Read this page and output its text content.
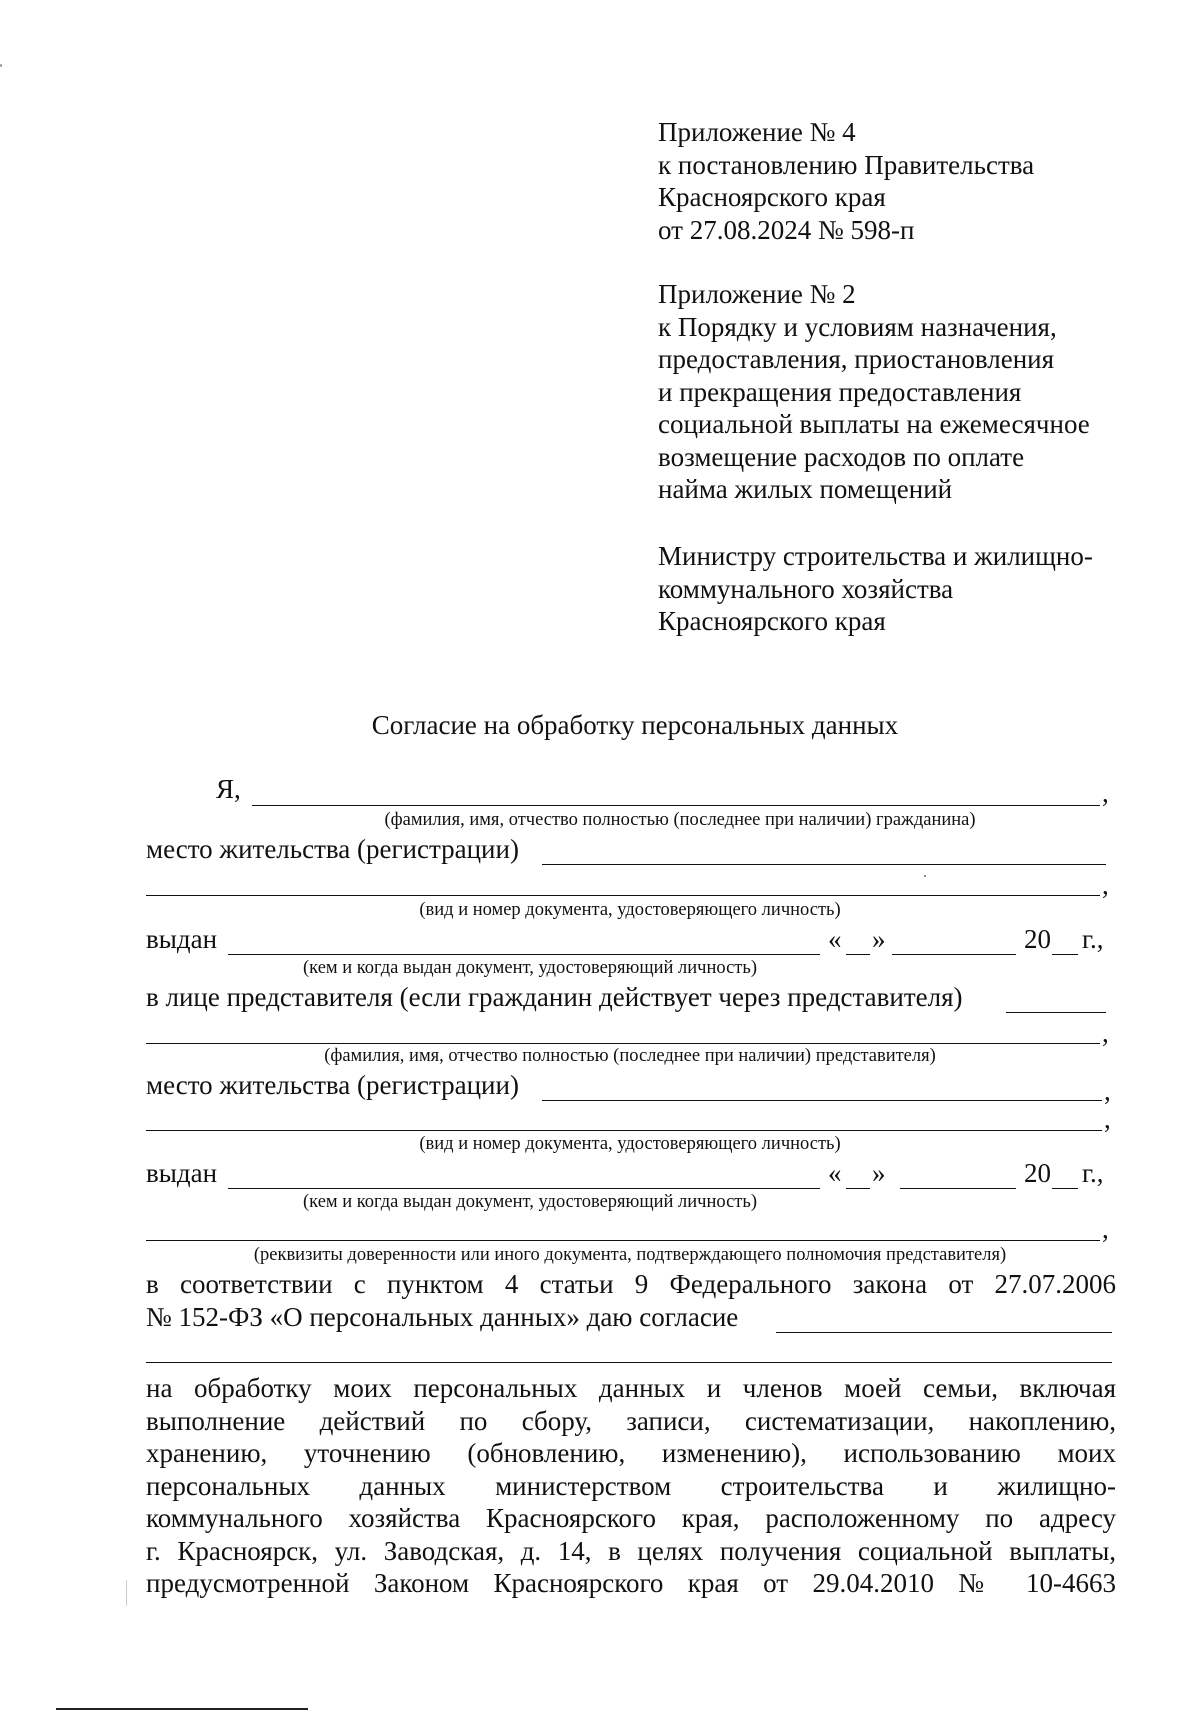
Приложение № 4
к постановлению Правительства
Красноярского края
от 27.08.2024 № 598-п
Приложение № 2
к Порядку и условиям назначения,
предоставления, приостановления
и прекращения предоставления
социальной выплаты на ежемесячное
возмещение расходов по оплате
найма жилых помещений
Министру строительства и жилищно-
коммунального хозяйства
Красноярского края
Согласие на обработку персональных данных
Я,	,
(фамилия, имя, отчество полностью (последнее при наличии) гражданина)
место жительства (регистрации)
,
(вид и номер документа, удостоверяющего личность)
выдан	« »	20 г.,
(кем и когда выдан документ, удостоверяющий личность)
в лице представителя (если гражданин действует через представителя)
,
(фамилия, имя, отчество полностью (последнее при наличии) представителя)
место жительства (регистрации)	,
,
(вид и номер документа, удостоверяющего личность)
выдан	« »	20 г.,
(кем и когда выдан документ, удостоверяющий личность)
,
(реквизиты доверенности или иного документа, подтверждающего полномочия представителя)
в соответствии с пунктом 4 статьи 9 Федерального закона от 27.07.2006
№ 152-ФЗ «О персональных данных» даю согласие
на обработку моих персональных данных и членов моей семьи, включая
выполнение действий по сбору, записи, систематизации, накоплению,
хранению, уточнению (обновлению, изменению), использованию моих
персональных данных министерством строительства и жилищно-
коммунального хозяйства Красноярского края, расположенному по адресу
г. Красноярск, ул. Заводская, д. 14, в целях получения социальной выплаты,
предусмотренной Законом Красноярского края от 29.04.2010 № 10-4663
